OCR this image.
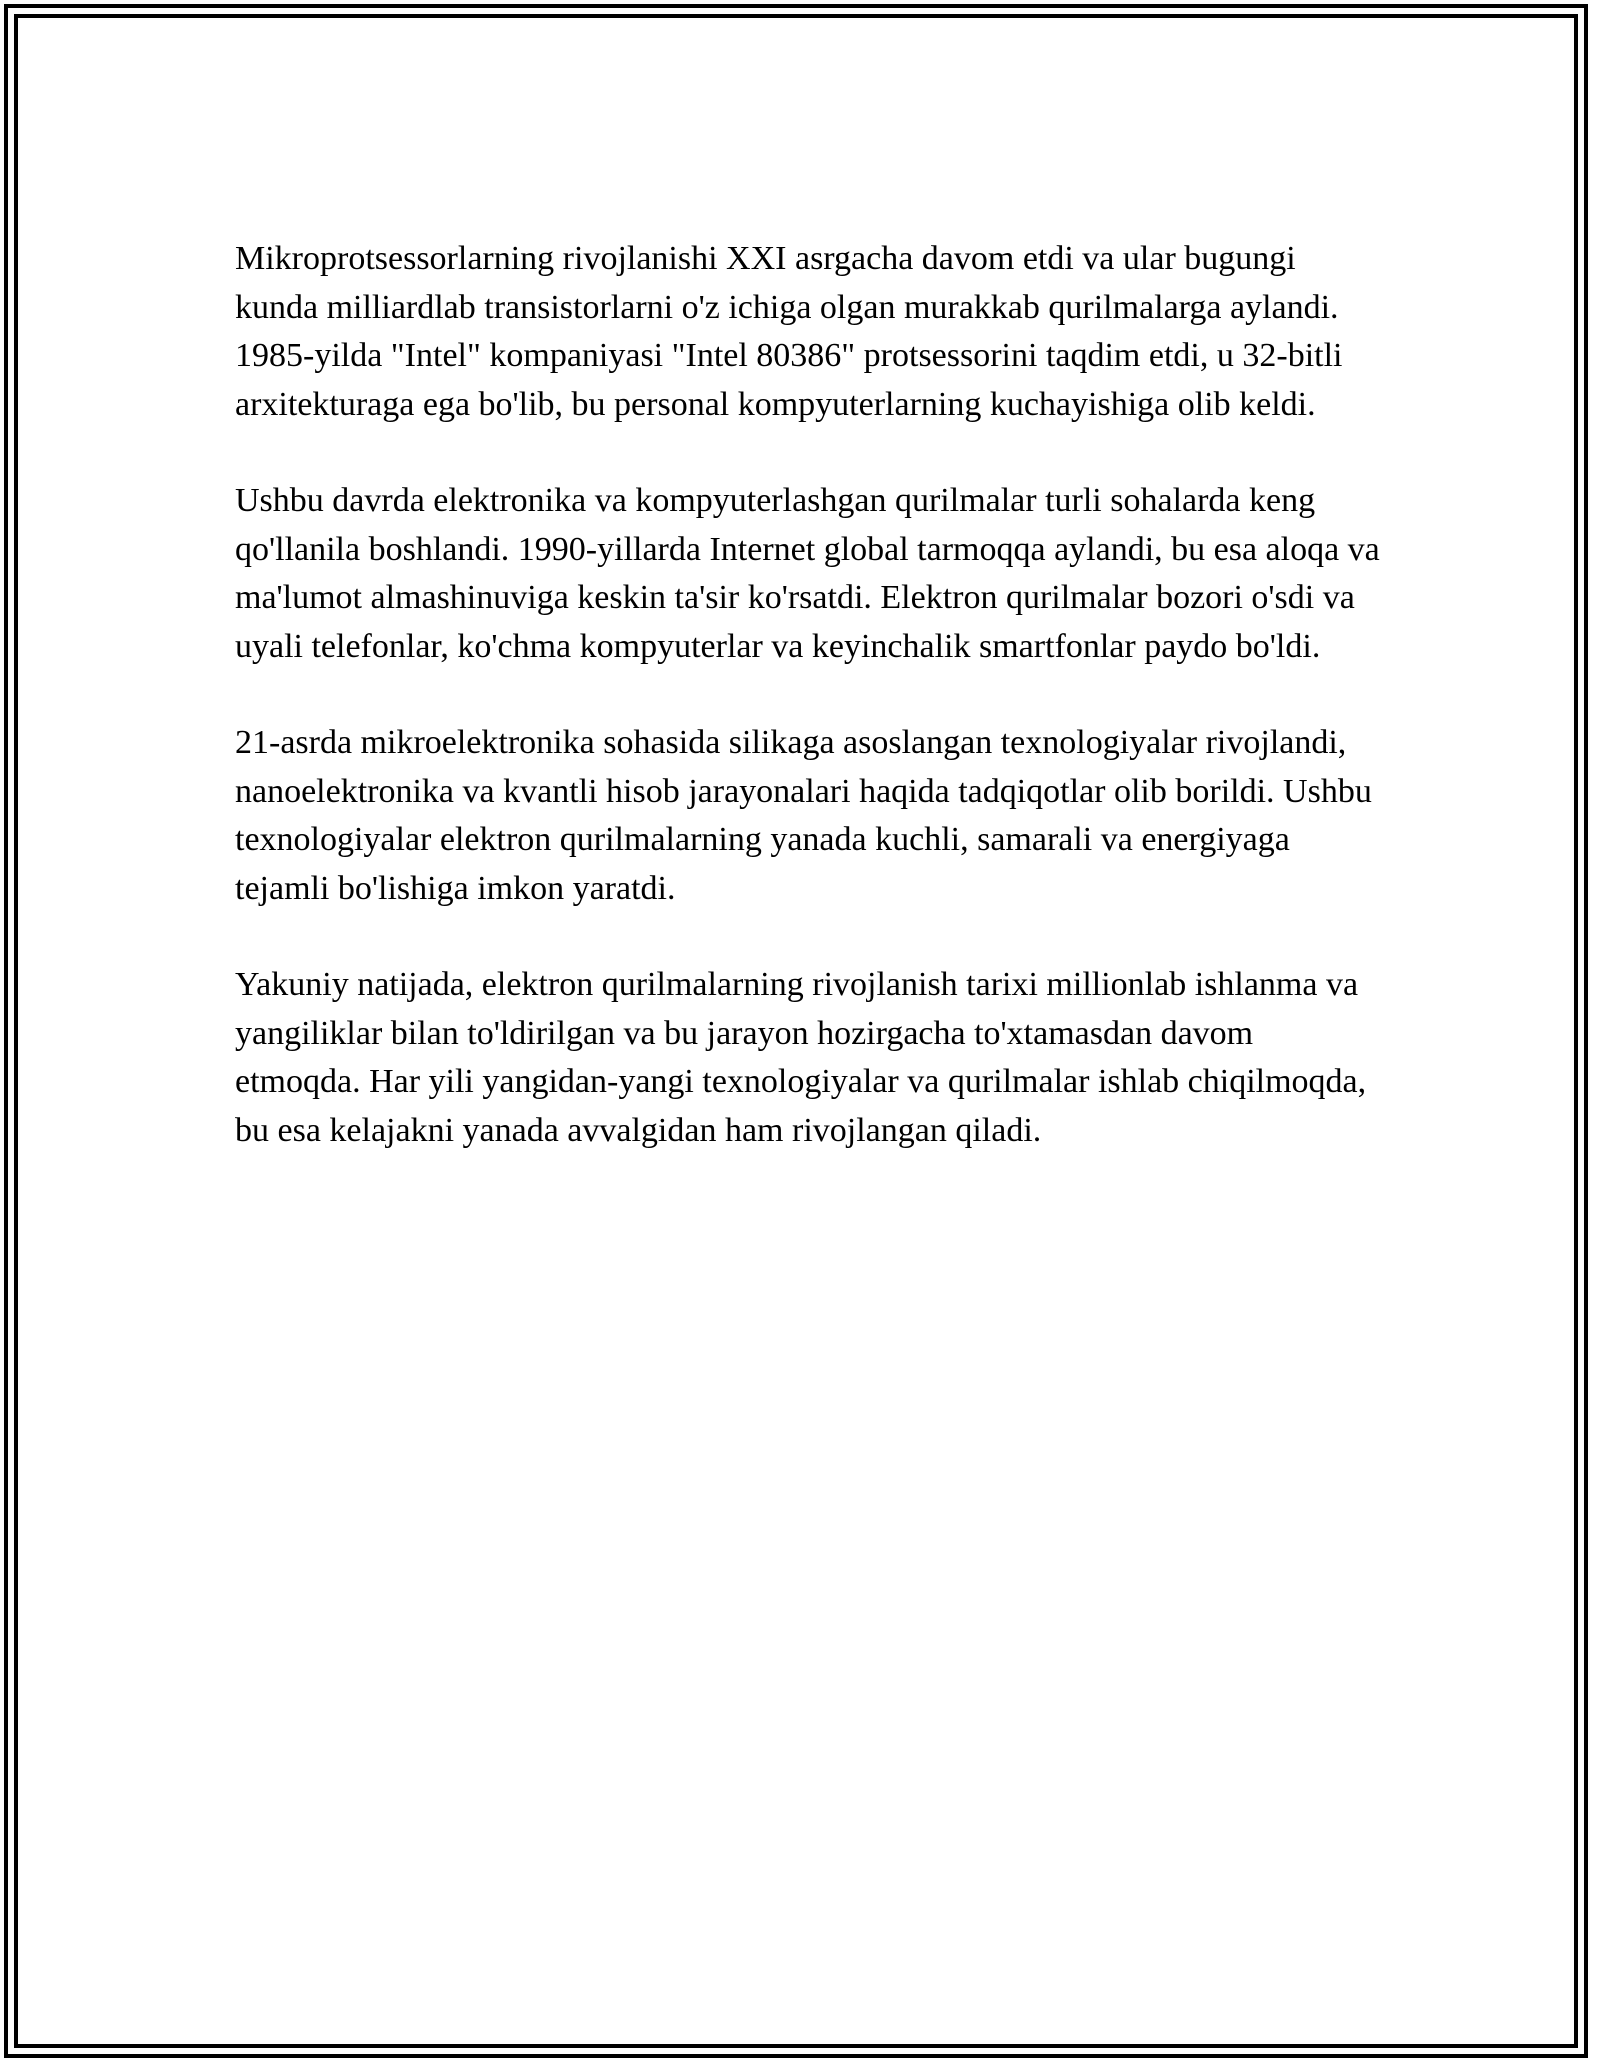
Mikroprotsessorlarning rivojlanishi XXI asrgacha davom etdi va ular bugungi kunda milliardlab transistorlarni o'z ichiga olgan murakkab qurilmalarga aylandi. 1985-yilda "Intel" kompaniyasi "Intel 80386" protsessorini taqdim etdi, u 32-bitli arxitekturaga ega bo'lib, bu personal kompyuterlarning kuchayishiga olib keldi.

Ushbu davrda elektronika va kompyuterlashgan qurilmalar turli sohalarda keng qo'llanila boshlandi. 1990-yillarda Internet global tarmoqqa aylandi, bu esa aloqa va ma'lumot almashinuviga keskin ta'sir ko'rsatdi. Elektron qurilmalar bozori o'sdi va uyali telefonlar, ko'chma kompyuterlar va keyinchalik smartfonlar paydo bo'ldi.

21-asrda mikroelektronika sohasida silikaga asoslangan texnologiyalar rivojlandi, nanoelektronika va kvantli hisob jarayonalari haqida tadqiqotlar olib borildi. Ushbu texnologiyalar elektron qurilmalarning yanada kuchli, samarali va energiyaga tejamli bo'lishiga imkon yaratdi.

Yakuniy natijada, elektron qurilmalarning rivojlanish tarixi millionlab ishlanma va yangiliklar bilan to'ldirilgan va bu jarayon hozirgacha to'xtamasdan davom etmoqda. Har yili yangidan-yangi texnologiyalar va qurilmalar ishlab chiqilmoqda, bu esa kelajakni yanada avvalgidan ham rivojlangan qiladi.
